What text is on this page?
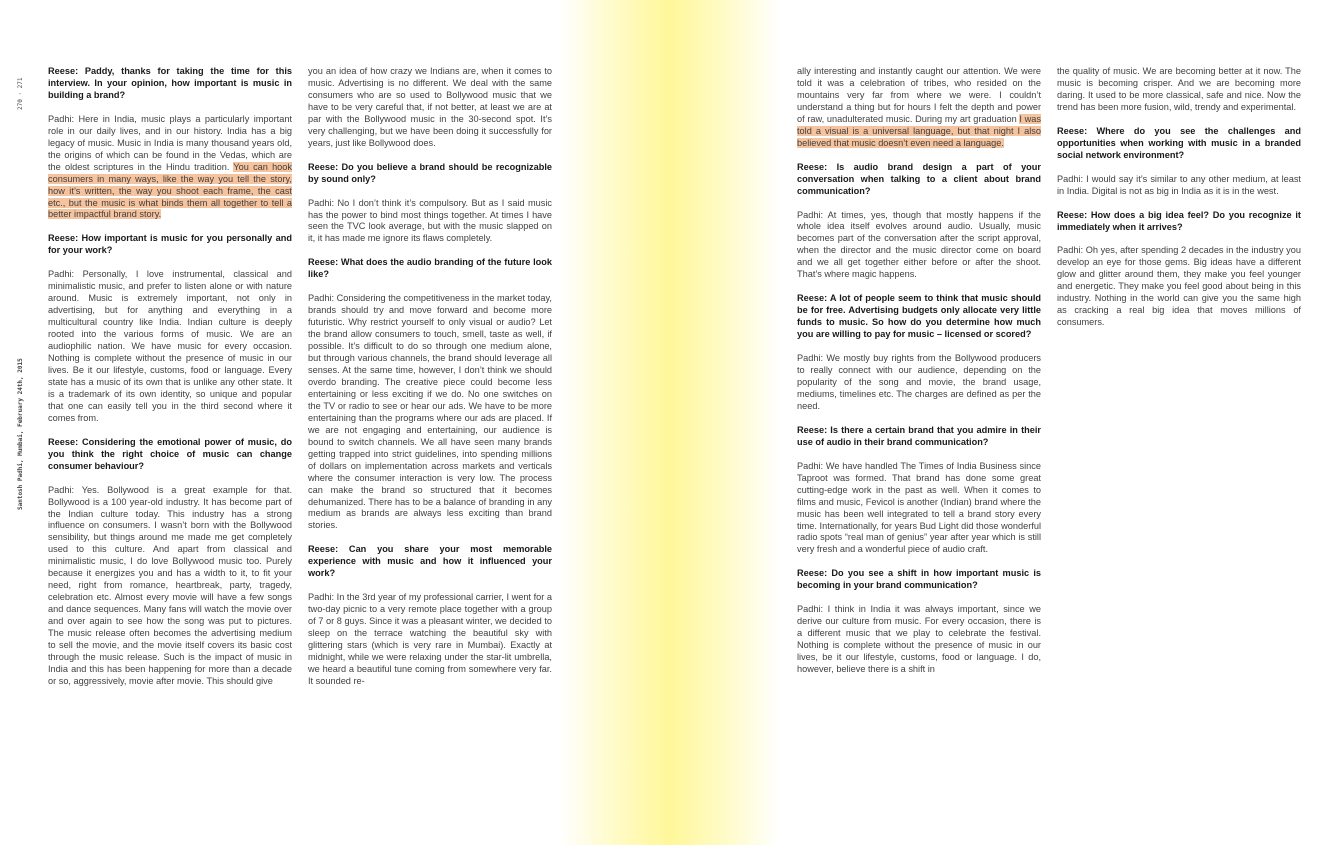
270 · 271
Santosh Padhi, Mumbai, February 24th, 2015

Reese: Paddy, thanks for taking the time for this interview. In your opinion, how important is music in building a brand?

Padhi: Here in India, music plays a particularly important role in our daily lives, and in our history. India has a big legacy of music. Music in India is many thousand years old, the origins of which can be found in the Vedas, which are the oldest scriptures in the Hindu tradition. You can hook consumers in many ways, like the way you tell the story, how it’s written, the way you shoot each frame, the cast etc., but the music is what binds them all together to tell a better impactful brand story.

Reese: How important is music for you personally and for your work?

Padhi: Personally, I love instrumental, classical and minimalistic music, and prefer to listen alone or with nature around. Music is extremely important, not only in advertising, but for anything and everything in a multicultural country like India. Indian culture is deeply rooted into the various forms of music. We are an audiophilic nation. We have music for every occasion. Nothing is complete without the presence of music in our lives. Be it our lifestyle, customs, food or language. Every state has a music of its own that is unlike any other state. It is a trademark of its own identity, so unique and popular that one can easily tell you in the third second where it comes from.

Reese: Considering the emotional power of music, do you think the right choice of music can change consumer behaviour?

Padhi: Yes. Bollywood is a great example for that. Bollywood is a 100 year-old industry. It has become part of the Indian culture today. This industry has a strong influence on consumers. I wasn’t born with the Bollywood sensibility, but things around me made me get completely used to this culture. And apart from classical and minimalistic music, I do love Bollywood music too. Purely because it energizes you and has a width to it, to fit your need, right from romance, heartbreak, party, tragedy, celebration etc. Almost every movie will have a few songs and dance sequences. Many fans will watch the movie over and over again to see how the song was put to pictures. The music release often becomes the advertising medium to sell the movie, and the movie itself covers its basic cost through the music release. Such is the impact of music in India and this has been happening for more than a decade or so, aggressively, movie after movie. This should give

you an idea of how crazy we Indians are, when it comes to music. Advertising is no different. We deal with the same consumers who are so used to Bollywood music that we have to be very careful that, if not better, at least we are at par with the Bollywood music in the 30-second spot. It’s very challenging, but we have been doing it successfully for years, just like Bollywood does.

Reese: Do you believe a brand should be recognizable by sound only?

Padhi: No I don’t think it’s compulsory. But as I said music has the power to bind most things together. At times I have seen the TVC look average, but with the music slapped on it, it has made me ignore its flaws completely.

Reese: What does the audio branding of the future look like?

Padhi: Considering the competitiveness in the market today, brands should try and move forward and become more futuristic. Why restrict yourself to only visual or audio? Let the brand allow consumers to touch, smell, taste as well, if possible. It’s difficult to do so through one medium alone, but through various channels, the brand should leverage all senses. At the same time, however, I don’t think we should overdo branding. The creative piece could become less entertaining or less exciting if we do. No one switches on the TV or radio to see or hear our ads. We have to be more entertaining than the programs where our ads are placed. If we are not engaging and entertaining, our audience is bound to switch channels. We all have seen many brands getting trapped into strict guidelines, into spending millions of dollars on implementation across markets and verticals where the consumer interaction is very low. The process can make the brand so structured that it becomes dehumanized. There has to be a balance of branding in any medium as brands are always less exciting than brand stories.

Reese: Can you share your most memorable experience with music and how it influenced your work?

Padhi: In the 3rd year of my professional carrier, I went for a two-day picnic to a very remote place together with a group of 7 or 8 guys. Since it was a pleasant winter, we decided to sleep on the terrace watching the beautiful sky with glittering stars (which is very rare in Mumbai). Exactly at midnight, while we were relaxing under the star-lit umbrella, we heard a beautiful tune coming from somewhere very far. It sounded re-

ally interesting and instantly caught our attention. We were told it was a celebration of tribes, who resided on the mountains very far from where we were. I couldn’t understand a thing but for hours I felt the depth and power of raw, unadulterated music. During my art graduation I was told a visual is a universal language, but that night I also believed that music doesn’t even need a language.

Reese: Is audio brand design a part of your conversation when talking to a client about brand communication?

Padhi: At times, yes, though that mostly happens if the whole idea itself evolves around audio. Usually, music becomes part of the conversation after the script approval, when the director and the music director come on board and we all get together either before or after the shoot. That’s where magic happens.

Reese: A lot of people seem to think that music should be for free. Advertising budgets only allocate very little funds to music. So how do you determine how much you are willing to pay for music – licensed or scored?

Padhi: We mostly buy rights from the Bollywood producers to really connect with our audience, depending on the popularity of the song and movie, the brand usage, mediums, timelines etc. The charges are defined as per the need.

Reese: Is there a certain brand that you admire in their use of audio in their brand communication?

Padhi: We have handled The Times of India Business since Taproot was formed. That brand has done some great cutting-edge work in the past as well. When it comes to films and music, Fevicol is another (Indian) brand where the music has been well integrated to tell a brand story every time. Internationally, for years Bud Light did those wonderful radio spots “real man of genius” year after year which is still very fresh and a wonderful piece of audio craft.

Reese: Do you see a shift in how important music is becoming in your brand communication?

Padhi: I think in India it was always important, since we derive our culture from music. For every occasion, there is a different music that we play to celebrate the festival. Nothing is complete without the presence of music in our lives, be it our lifestyle, customs, food or language. I do, however, believe there is a shift in

the quality of music. We are becoming better at it now. The music is becoming crisper. And we are becoming more daring. It used to be more classical, safe and nice. Now the trend has been more fusion, wild, trendy and experimental.

Reese: Where do you see the challenges and opportunities when working with music in a branded social network environment?

Padhi: I would say it’s similar to any other medium, at least in India. Digital is not as big in India as it is in the west.

Reese: How does a big idea feel? Do you recognize it immediately when it arrives?

Padhi: Oh yes, after spending 2 decades in the industry you develop an eye for those gems. Big ideas have a different glow and glitter around them, they make you feel younger and energetic. They make you feel good about being in this industry. Nothing in the world can give you the same high as cracking a real big idea that moves millions of consumers.
